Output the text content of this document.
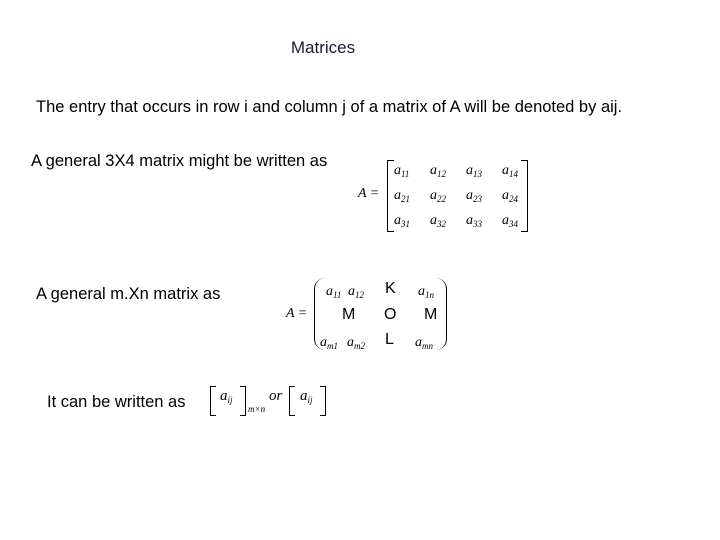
Matrices
The entry that occurs in row i and column j of a matrix of A will be denoted by aij.
A general 3X4 matrix might be written as
A =
$a_{11}$ $a_{12}$ $a_{13}$ $a_{14}$
$a_{21}$ $a_{22}$ $a_{23}$ $a_{24}$
$a_{31}$ $a_{32}$ $a_{33}$ $a_{34}$
A general m.Xn matrix as
A =
$a_{11}$ $a_{12}$ K $a_{1n}$
M O M
$a_{m1}$ $a_{m2}$ L $a_{mn}$
It can be written as $a_{ij}$
m×n
or $a_{ij}$
